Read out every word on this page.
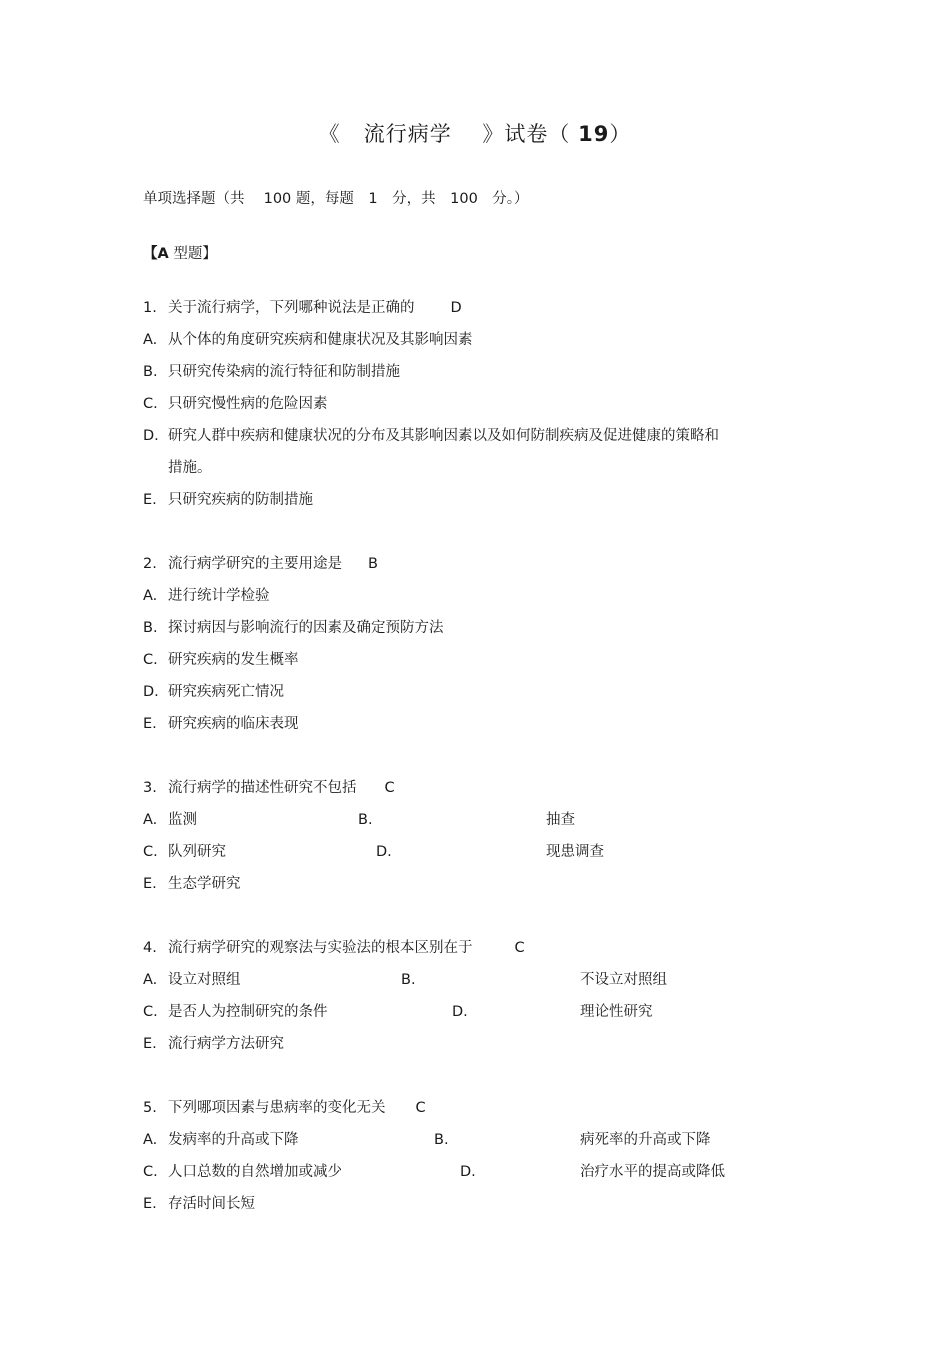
《 流行病学 》试卷（ 19）
单项选择题（共　 100 题，每题　1　分，共　100　分。）
【A 型题】
1. 关于流行病学，下列哪种说法是正确的 D
A. 从个体的角度研究疾病和健康状况及其影响因素
B. 只研究传染病的流行特征和防制措施
C. 只研究慢性病的危险因素
D. 研究人群中疾病和健康状况的分布及其影响因素以及如何防制疾病及促进健康的策略和
措施。
E. 只研究疾病的防制措施
2. 流行病学研究的主要用途是 B
A. 进行统计学检验
B. 探讨病因与影响流行的因素及确定预防方法
C. 研究疾病的发生概率
D. 研究疾病死亡情况
E. 研究疾病的临床表现
3. 流行病学的描述性研究不包括 C
A. 监测	B.	抽查
C. 队列研究	D.	现患调查
E. 生态学研究
4. 流行病学研究的观察法与实验法的根本区别在于	C
A. 设立对照组	B.	不设立对照组
C. 是否人为控制研究的条件	D.	理论性研究
E. 流行病学方法研究
5. 下列哪项因素与患病率的变化无关 C
A. 发病率的升高或下降	B.	病死率的升高或下降
C. 人口总数的自然增加或减少	D.	治疗水平的提高或降低
E. 存活时间长短
